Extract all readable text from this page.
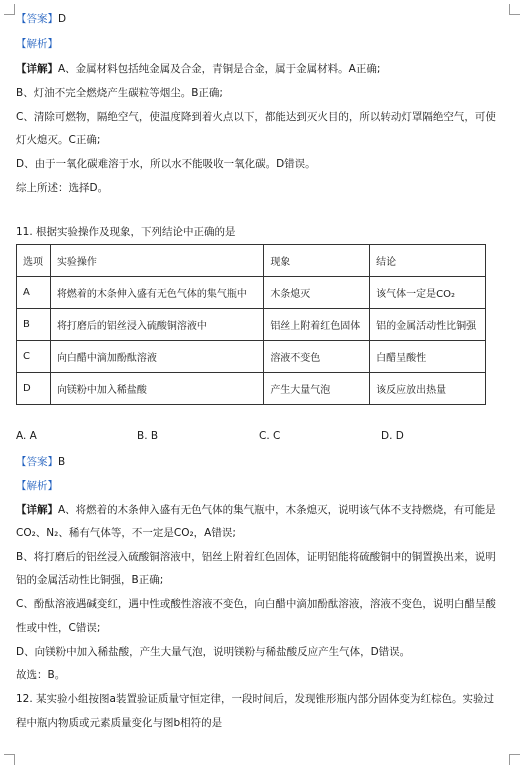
【答案】D
【解析】
【详解】A、金属材料包括纯金属及合金，青铜是合金，属于金属材料。A正确;
B、灯油不完全燃烧产生碳粒等烟尘。B正确;
C、清除可燃物，隔绝空气，使温度降到着火点以下，都能达到灭火目的，所以转动灯罩隔绝空气，可使
灯火熄灭。C正确;
D、由于一氧化碳难溶于水，所以水不能吸收一氧化碳。D错误。
综上所述：选择D。
11. 根据实验操作及现象，下列结论中正确的是
选项	实验操作	现象	结论
A	将燃着的木条伸入盛有无色气体的集气瓶中	木条熄灭	该气体一定是CO₂
B	将打磨后的铝丝浸入硫酸铜溶液中	铝丝上附着红色固体	铝的金属活动性比铜强
C	向白醋中滴加酚酞溶液	溶液不变色	白醋呈酸性
D	向镁粉中加入稀盐酸	产生大量气泡	该反应放出热量
A. A	B. B	C. C	D. D
【答案】B
【解析】
【详解】A、将燃着的木条伸入盛有无色气体的集气瓶中，木条熄灭，说明该气体不支持燃烧，有可能是
CO₂、N₂、稀有气体等，不一定是CO₂，A错误;
B、将打磨后的铝丝浸入硫酸铜溶液中，铝丝上附着红色固体，证明铝能将硫酸铜中的铜置换出来，说明
铝的金属活动性比铜强，B正确;
C、酚酞溶液遇碱变红，遇中性或酸性溶液不变色，向白醋中滴加酚酞溶液，溶液不变色，说明白醋呈酸
性或中性，C错误;
D、向镁粉中加入稀盐酸，产生大量气泡，说明镁粉与稀盐酸反应产生气体，D错误。
故选：B。
12. 某实验小组按图a装置验证质量守恒定律，一段时间后，发现锥形瓶内部分固体变为红棕色。实验过
程中瓶内物质或元素质量变化与图b相符的是
